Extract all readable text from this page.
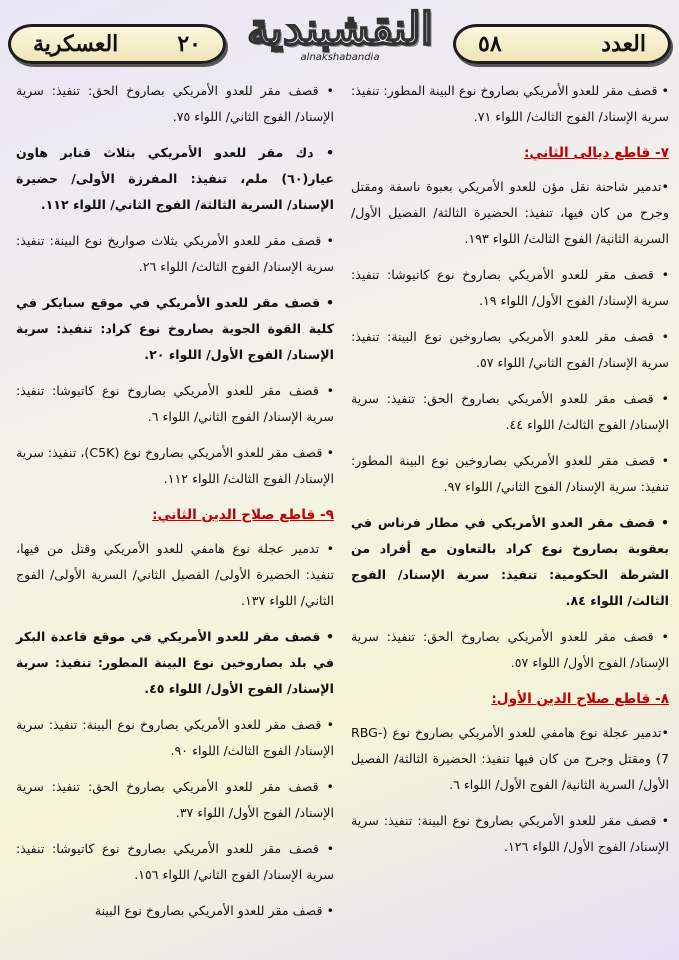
العدد
٥٨
النقشبندية
alnakshabandia
٢٠
العسكرية
• قصف مقر للعدو الأمريكي بصاروخ نوع البينة المطور: تنفيذ: سرية الإسناد/ الفوج الثالث/ اللواء ٧١.
٧- قاطع ديالى الثاني:
•تدمير شاحنة نقل مؤن للعدو الأمريكي بعبوة ناسفة ومقتل وجرح من كان فيها، تنفيذ: الحضيرة الثالثة/ الفصيل الأول/ السرية الثانية/ الفوج الثالث/ اللواء ١٩٣.
• قصف مقر للعدو الأمريكي بصاروخ نوع كاتيوشا: تنفيذ: سرية الإسناد/ الفوج الأول/ اللواء ١٩.
• قصف مقر للعدو الأمريكي بصاروخين نوع البينة: تنفيذ: سرية الإسناد/ الفوج الثاني/ اللواء ٥٧.
• قصف مقر للعدو الأمريكي بصاروخ الحق: تنفيذ: سرية الإسناد/ الفوج الثالث/ اللواء ٤٤.
• قصف مقر للعدو الأمريكي بصاروخين نوع البينة المطور: تنفيذ: سرية الإسناد/ الفوج الثاني/ اللواء ٩٧.
• قصف مقر العدو الأمريكي في مطار فرناس في بعقوبة بصاروخ نوع كراد بالتعاون مع أفراد من الشرطة الحكومية: تنفيذ: سرية الإسناد/ الفوج الثالث/ اللواء ٨٤.
• قصف مقر للعدو الأمريكي بصاروخ الحق: تنفيذ: سرية الإسناد/ الفوج الأول/ اللواء ٥٧.
٨- قاطع صلاح الدين الأول:
•تدمير عجلة نوع هامفي للعدو الأمريكي بصاروخ نوع (RBG-7) ومقتل وجرح من كان فيها تنفيذ: الحضيرة الثالثة/ الفصيل الأول/ السرية الثانية/ الفوج الأول/ اللواء ٦.
• قصف مقر للعدو الأمريكي بصاروخ نوع البينة: تنفيذ: سرية الإسناد/ الفوج الأول/ اللواء ١٢٦.
• قصف مقر للعدو الأمريكي بصاروخ الحق: تنفيذ: سرية الإسناد/ الفوج الثاني/ اللواء ٧٥.
• دك مقر للعدو الأمريكي بثلاث قنابر هاون عيار(٦٠) ملم، تنفيذ: المفرزة الأولى/ حضيرة الإسناد/ السرية الثالثة/ الفوج الثاني/ اللواء ١١٢.
• قصف مقر للعدو الأمريكي بثلاث صواريخ نوع البينة: تنفيذ: سرية الإسناد/ الفوج الثالث/ اللواء ٢٦.
• قصف مقر للعدو الأمريكي في موقع سبايكر في كلية القوة الجوية بصاروخ نوع كراد: تنفيذ: سرية الإسناد/ الفوج الأول/ اللواء ٢٠.
• قصف مقر للعدو الأمريكي بصاروخ نوع كاتيوشا: تنفيذ: سرية الإسناد/ الفوج الثاني/ اللواء ٦.
• قصف مقر للعدو الأمريكي بصاروخ نوع (C5K)، تنفيذ: سرية الإسناد/ الفوج الثالث/ اللواء ١١٢.
٩- قاطع صلاح الدين الثاني:
• تدمير عجلة نوع هامفي للعدو الأمريكي وقتل من فيها، تنفيذ: الحضيرة الأولى/ الفصيل الثاني/ السرية الأولى/ الفوج الثاني/ اللواء ١٣٧.
• قصف مقر للعدو الأمريكي في موقع قاعدة البكر في بلد بصاروخين نوع البينة المطور: تنفيذ: سرية الإسناد/ الفوج الأول/ اللواء ٤٥.
• قصف مقر للعدو الأمريكي بصاروخ نوع البينة: تنفيذ: سرية الإسناد/ الفوج الثالث/ اللواء ٩٠.
• قصف مقر للعدو الأمريكي بصاروخ الحق: تنفيذ: سرية الإسناد/ الفوج الأول/ اللواء ٣٧.
• قصف مقر للعدو الأمريكي بصاروخ نوع كاتيوشا: تنفيذ: سرية الإسناد/ الفوج الثاني/ اللواء ١٥٦.
• قصف مقر للعدو الأمريكي بصاروخ نوع البينة
